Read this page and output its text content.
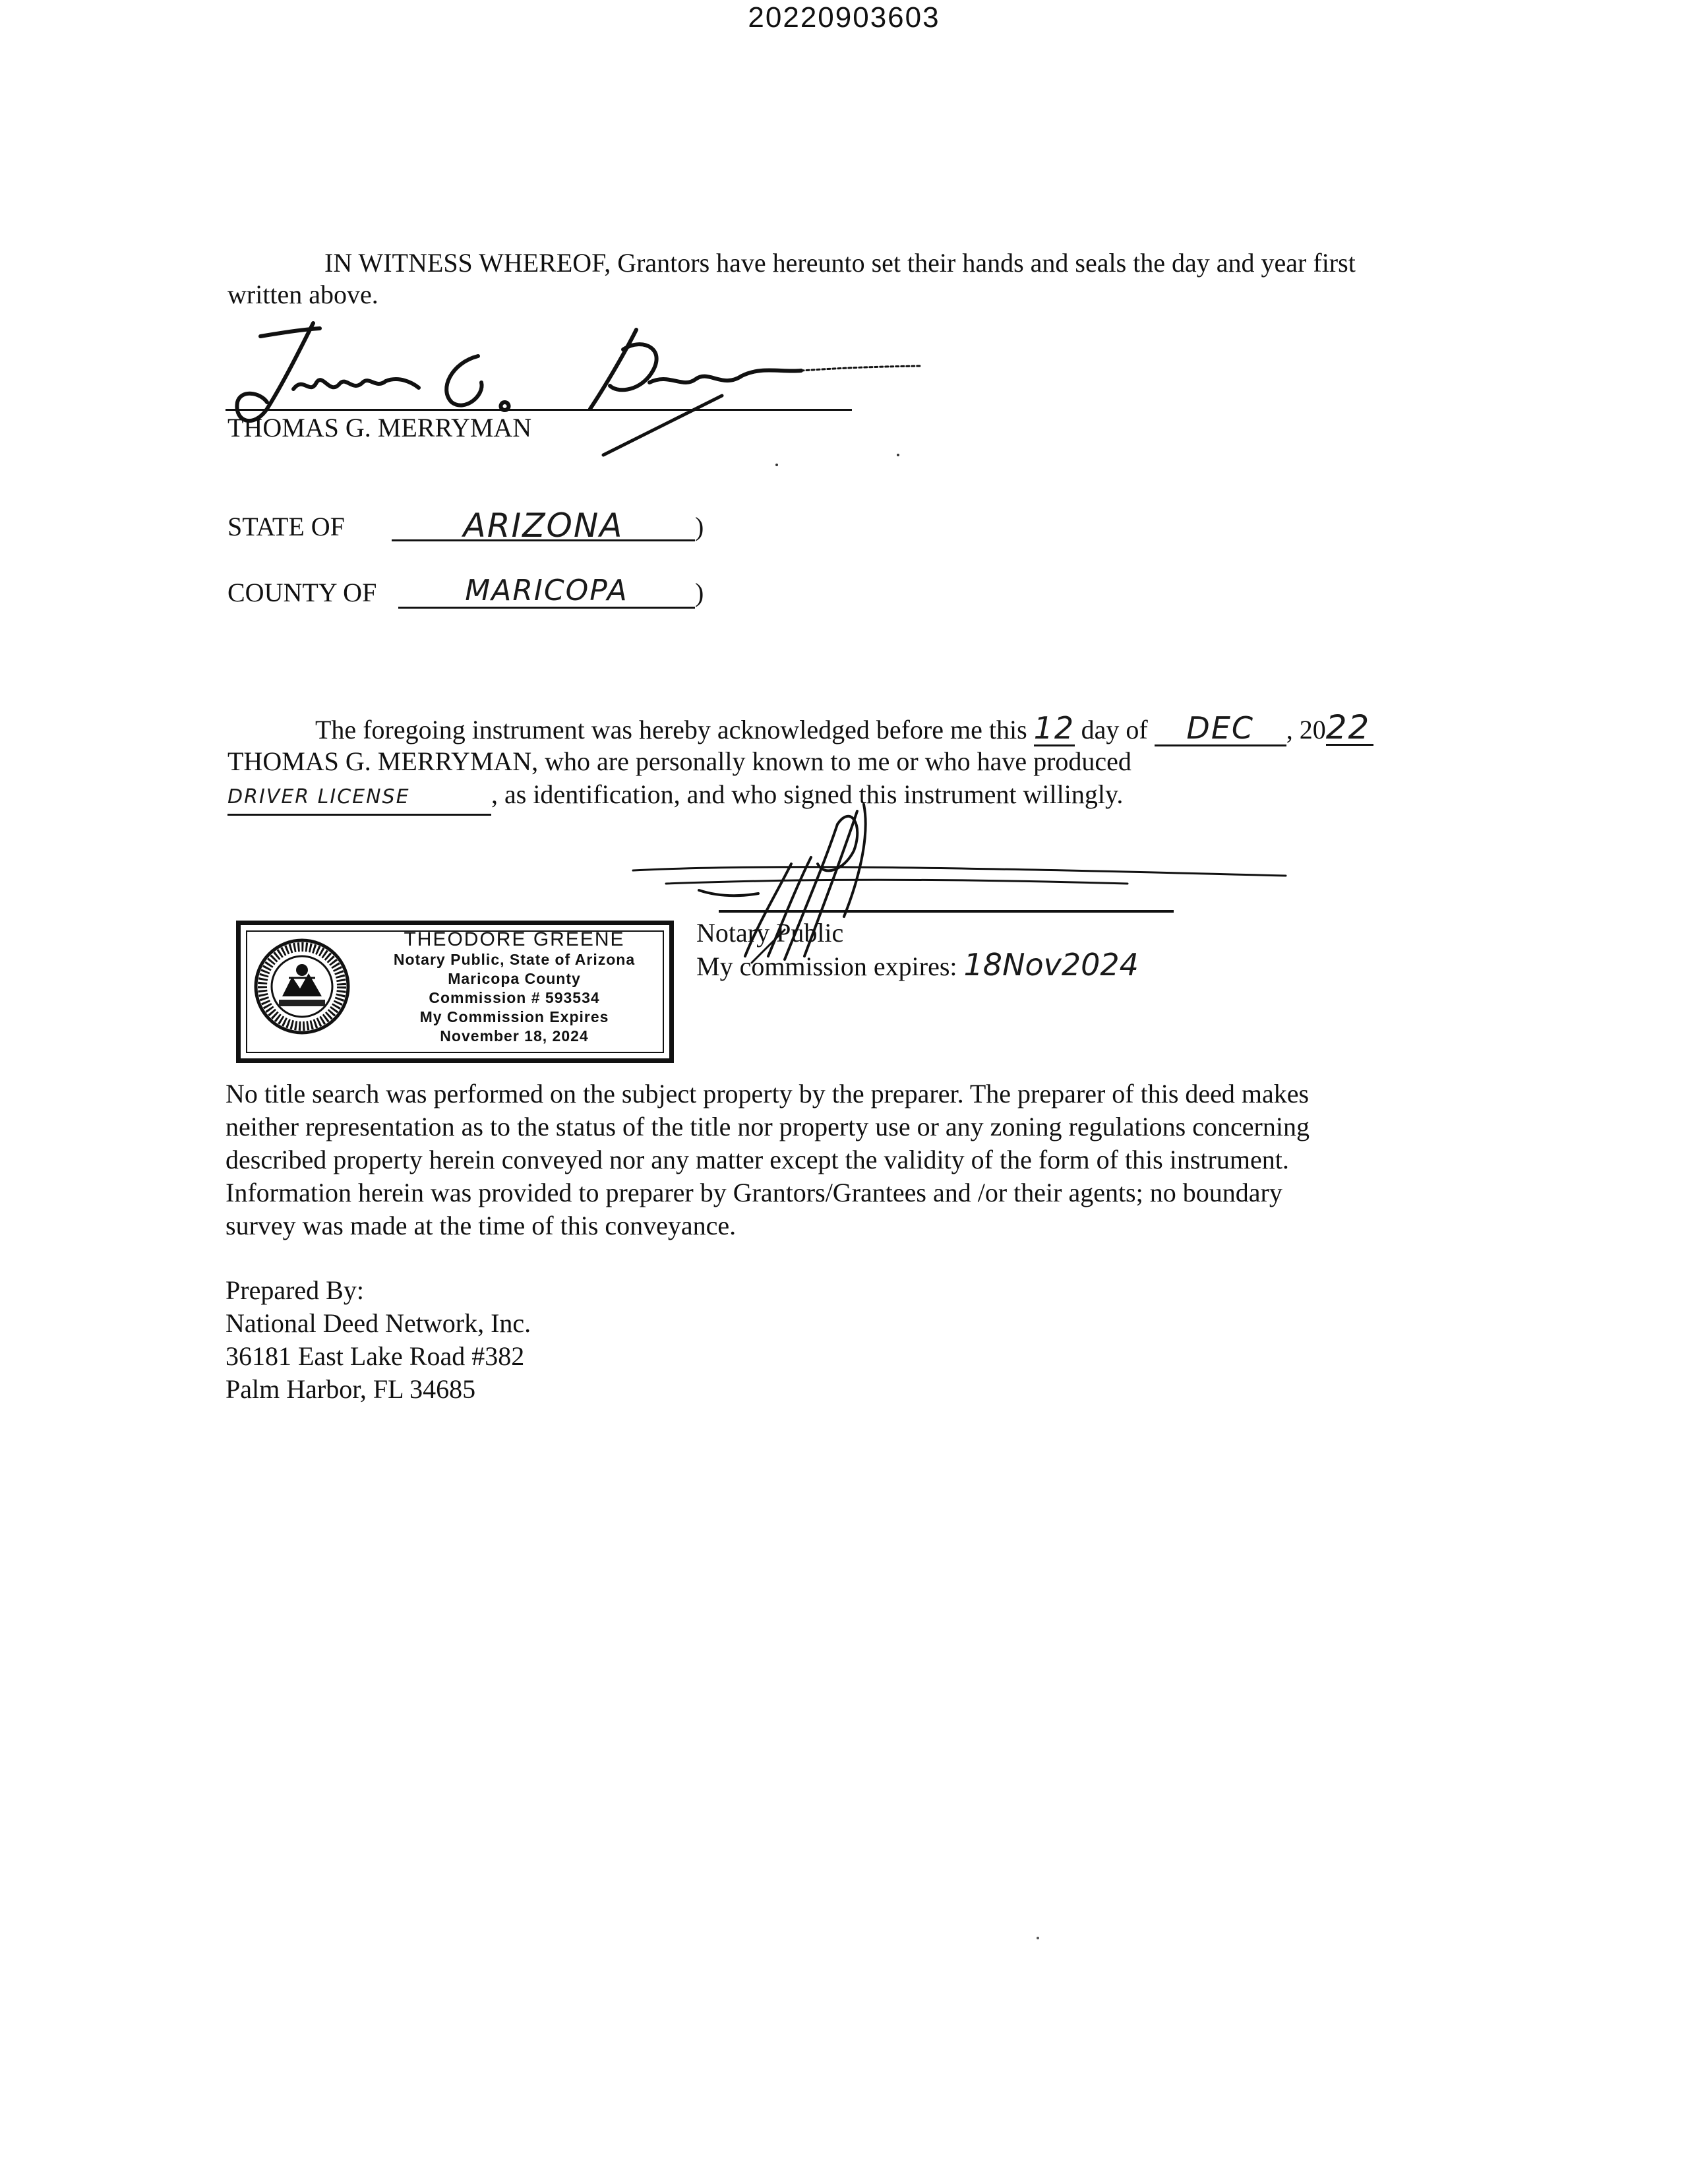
20220903603
IN WITNESS WHEREOF, Grantors have hereunto set their hands and seals the day and year first
written above.
THOMAS G. MERRYMAN
STATE OF	ARIZONA	)
COUNTY OF	MARICOPA	)
The foregoing instrument was hereby acknowledged before me this 12 day of DEC , 2022
THOMAS G. MERRYMAN, who are personally known to me or who have produced
DRIVER LICENSE	, as identification, and who signed this instrument willingly.
Notary Public
My commission expires: 18Nov2024
THEODORE GREENE
Notary Public, State of Arizona
Maricopa County
Commission # 593534
My Commission Expires
November 18, 2024
No title search was performed on the subject property by the preparer. The preparer of this deed makes
neither representation as to the status of the title nor property use or any zoning regulations concerning
described property herein conveyed nor any matter except the validity of the form of this instrument.
Information herein was provided to preparer by Grantors/Grantees and /or their agents; no boundary
survey was made at the time of this conveyance.
Prepared By:
National Deed Network, Inc.
36181 East Lake Road #382
Palm Harbor, FL 34685
